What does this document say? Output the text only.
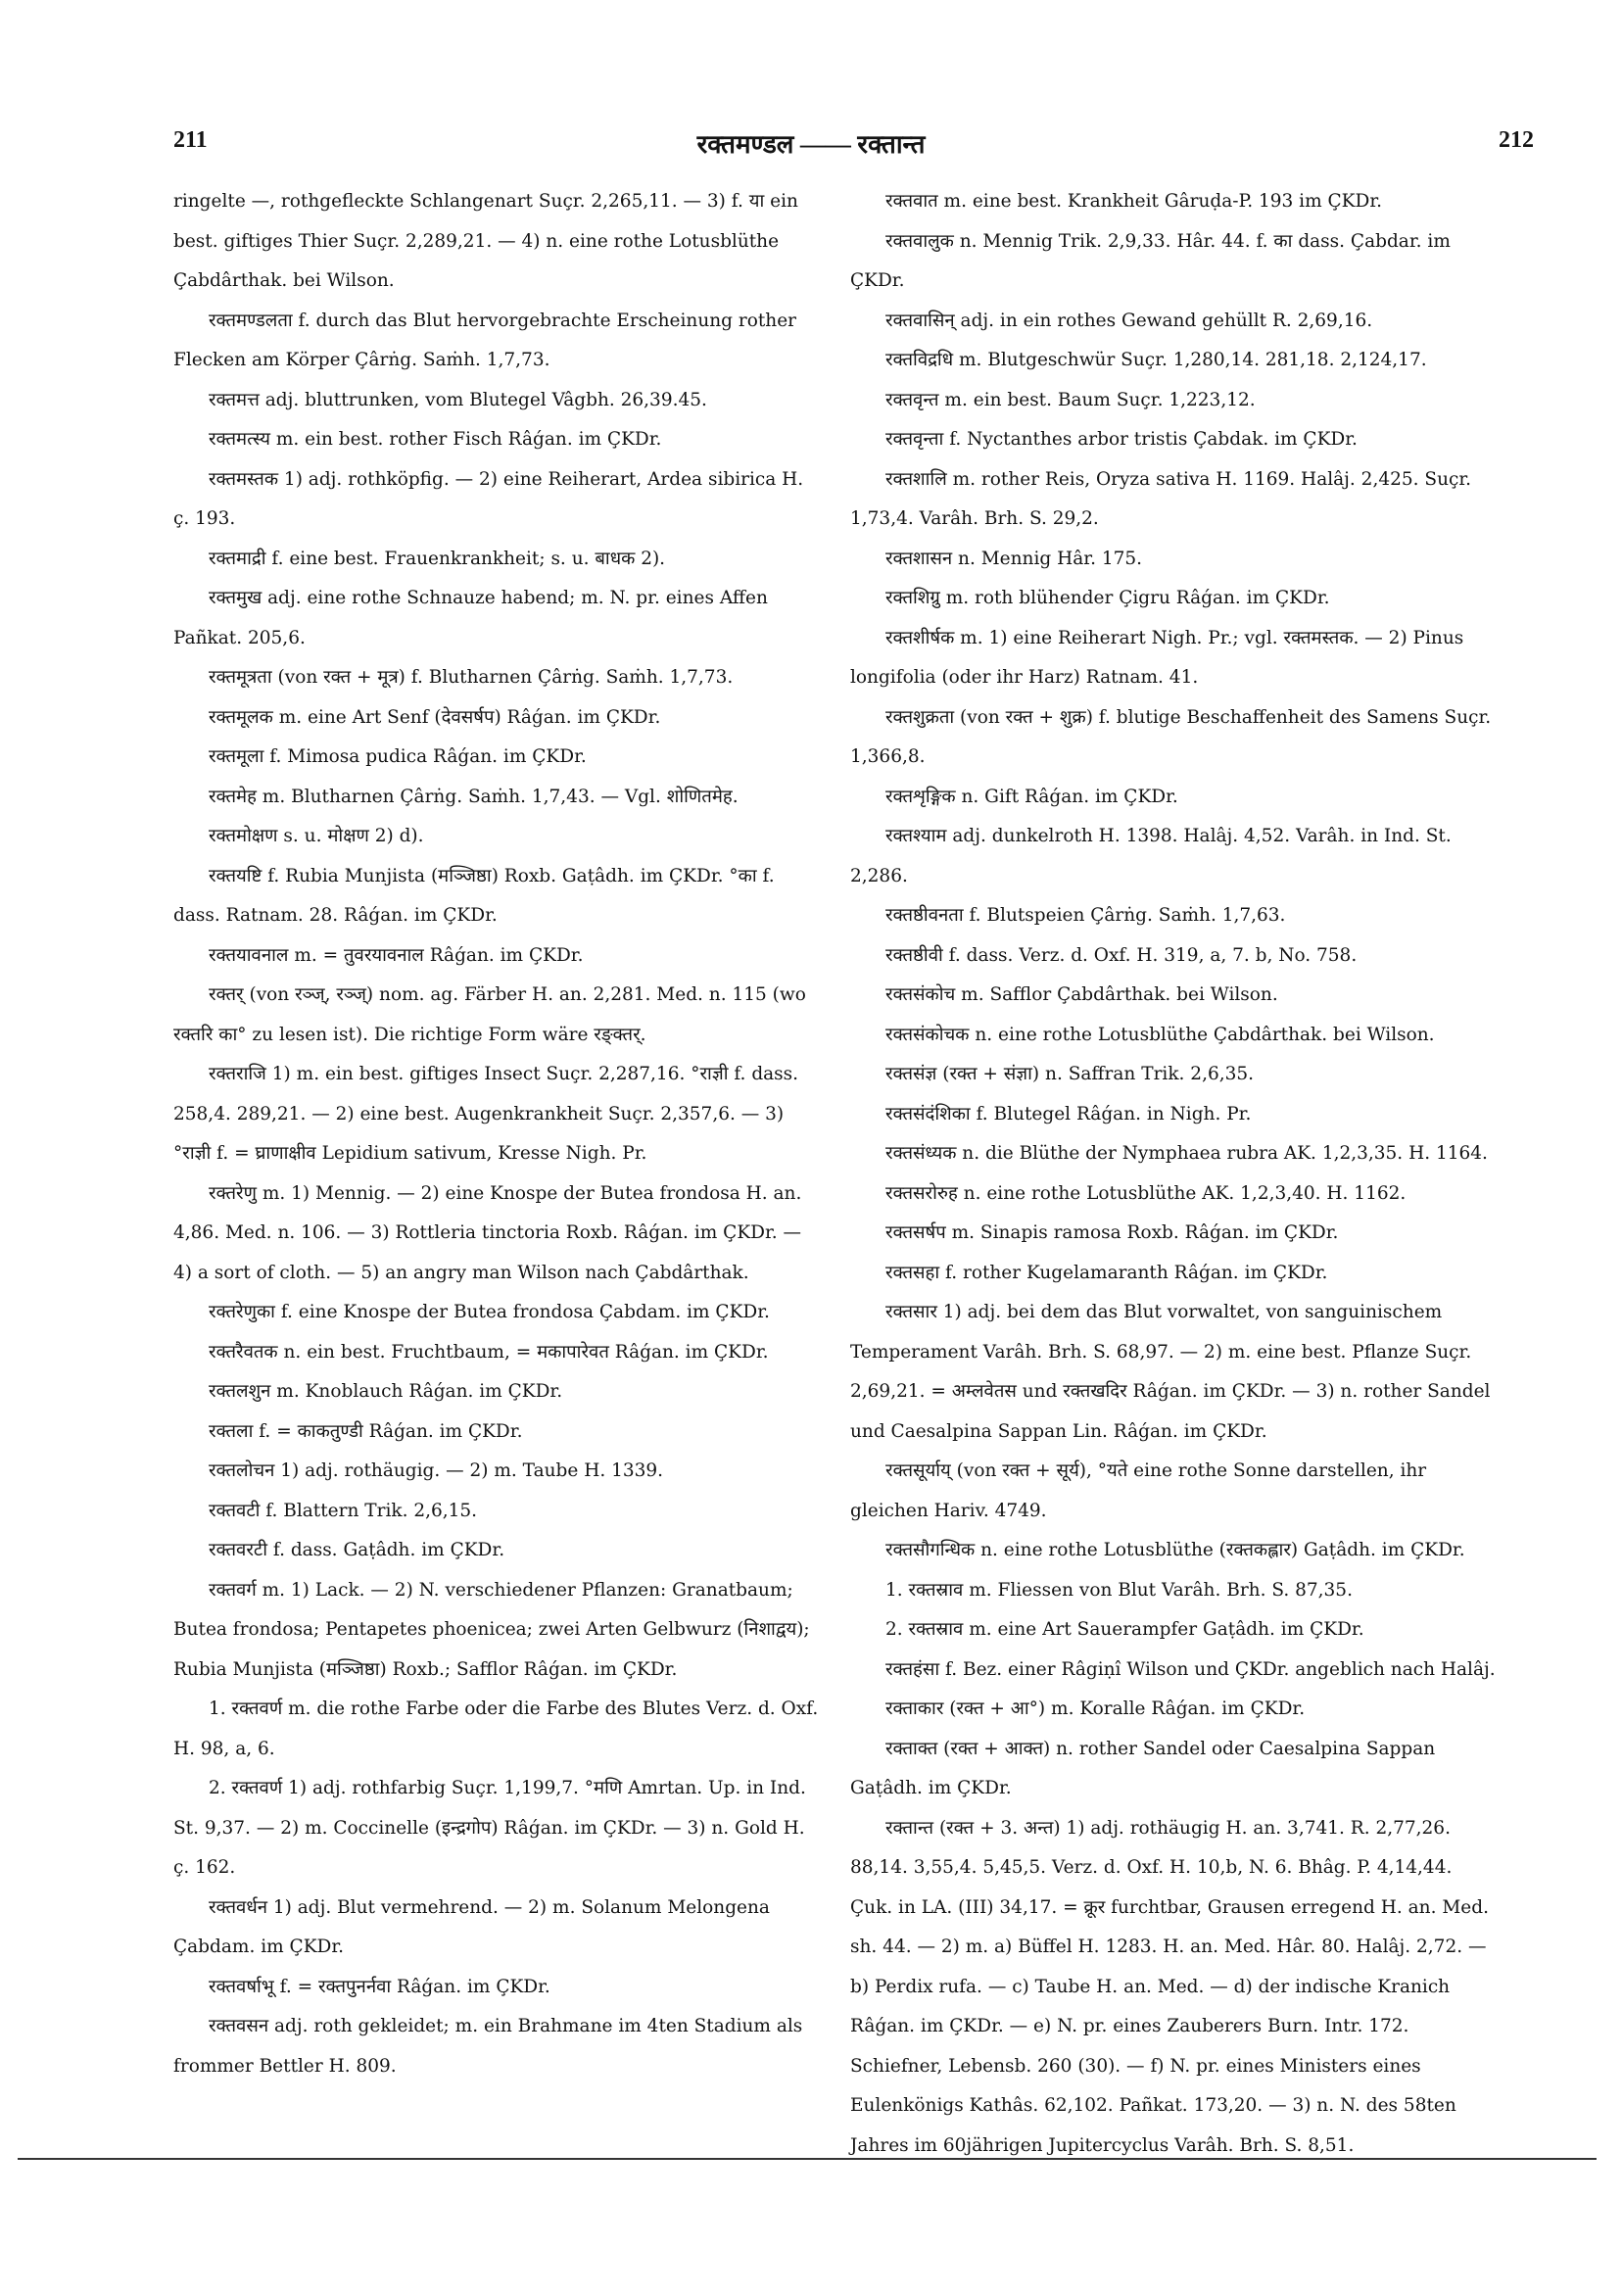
211	रक्तमण्डल —— रक्तान्त	212

ringelte —, rothgefleckte Schlangenart Suçr. 2,265,11. — 3) f. या ein best. giftiges Thier Suçr. 2,289,21. — 4) n. eine rothe Lotusblüthe Çabdârthak. bei Wilson.

रक्तमण्डलता f. durch das Blut hervorgebrachte Erscheinung rother Flecken am Körper Çârṅg. Saṁh. 1,7,73.

रक्तमत्त adj. bluttrunken, vom Blutegel Vâgbh. 26,39.45.

रक्तमत्स्य m. ein best. rother Fisch Râǵan. im ÇKDr.

रक्तमस्तक 1) adj. rothköpfig. — 2) eine Reiherart, Ardea sibirica H. ç. 193.

रक्तमाद्री f. eine best. Frauenkrankheit; s. u. बाधक 2).

रक्तमुख adj. eine rothe Schnauze habend; m. N. pr. eines Affen Pañkat. 205,6.

रक्तमूत्रता (von रक्त + मूत्र) f. Blutharnen Çârṅg. Saṁh. 1,7,73.

रक्तमूलक m. eine Art Senf (देवसर्षप) Râǵan. im ÇKDr.

रक्तमूला f. Mimosa pudica Râǵan. im ÇKDr.

रक्तमेह m. Blutharnen Çârṅg. Saṁh. 1,7,43. — Vgl. शोणितमेह.

रक्तमोक्षण s. u. मोक्षण 2) d).

रक्तयष्टि f. Rubia Munjista (मञ्जिष्ठा) Roxb. Gaṭâdh. im ÇKDr. °का f. dass. Ratnam. 28. Râǵan. im ÇKDr.

रक्तयावनाल m. = तुवरयावनाल Râǵan. im ÇKDr.

रक्तर् (von रञ्ज्, रञ्ज्) nom. ag. Färber H. an. 2,281. Med. n. 115 (wo रक्तरि का° zu lesen ist). Die richtige Form wäre रङ्क्तर्.

रक्तराजि 1) m. ein best. giftiges Insect Suçr. 2,287,16. °राज्ञी f. dass. 258,4. 289,21. — 2) eine best. Augenkrankheit Suçr. 2,357,6. — 3) °राज्ञी f. = घ्राणाक्षीव Lepidium sativum, Kresse Nigh. Pr.

रक्तरेणु m. 1) Mennig. — 2) eine Knospe der Butea frondosa H. an. 4,86. Med. n. 106. — 3) Rottleria tinctoria Roxb. Râǵan. im ÇKDr. — 4) a sort of cloth. — 5) an angry man Wilson nach Çabdârthak.

रक्तरेणुका f. eine Knospe der Butea frondosa Çabdam. im ÇKDr.

रक्तरैवतक n. ein best. Fruchtbaum, = मकापारेवत Râǵan. im ÇKDr.

रक्तलशुन m. Knoblauch Râǵan. im ÇKDr.

रक्तला f. = काकतुण्डी Râǵan. im ÇKDr.

रक्तलोचन 1) adj. rothäugig. — 2) m. Taube H. 1339.

रक्तवटी f. Blattern Trik. 2,6,15.

रक्तवरटी f. dass. Gaṭâdh. im ÇKDr.

रक्तवर्ग m. 1) Lack. — 2) N. verschiedener Pflanzen: Granatbaum; Butea frondosa; Pentapetes phoenicea; zwei Arten Gelbwurz (निशाद्वय); Rubia Munjista (मञ्जिष्ठा) Roxb.; Safflor Râǵan. im ÇKDr.

1. रक्तवर्ण m. die rothe Farbe oder die Farbe des Blutes Verz. d. Oxf. H. 98, a, 6.

2. रक्तवर्ण 1) adj. rothfarbig Suçr. 1,199,7. °मणि Amrtan. Up. in Ind. St. 9,37. — 2) m. Coccinelle (इन्द्रगोप) Râǵan. im ÇKDr. — 3) n. Gold H. ç. 162.

रक्तवर्धन 1) adj. Blut vermehrend. — 2) m. Solanum Melongena Çabdam. im ÇKDr.

रक्तवर्षाभू f. = रक्तपुनर्नवा Râǵan. im ÇKDr.

रक्तवसन adj. roth gekleidet; m. ein Brahmane im 4ten Stadium als frommer Bettler H. 809.

रक्तवात m. eine best. Krankheit Gâruḍa-P. 193 im ÇKDr.

रक्तवालुक n. Mennig Trik. 2,9,33. Hâr. 44. f. का dass. Çabdar. im ÇKDr.

रक्तवासिन् adj. in ein rothes Gewand gehüllt R. 2,69,16.

रक्तविद्रधि m. Blutgeschwür Suçr. 1,280,14. 281,18. 2,124,17.

रक्तवृन्त m. ein best. Baum Suçr. 1,223,12.

रक्तवृन्ता f. Nyctanthes arbor tristis Çabdak. im ÇKDr.

रक्तशालि m. rother Reis, Oryza sativa H. 1169. Halâj. 2,425. Suçr. 1,73,4. Varâh. Brh. S. 29,2.

रक्तशासन n. Mennig Hâr. 175.

रक्तशिग्रु m. roth blühender Çigru Râǵan. im ÇKDr.

रक्तशीर्षक m. 1) eine Reiherart Nigh. Pr.; vgl. रक्तमस्तक. — 2) Pinus longifolia (oder ihr Harz) Ratnam. 41.

रक्तशुक्रता (von रक्त + शुक्र) f. blutige Beschaffenheit des Samens Suçr. 1,366,8.

रक्तशृङ्गिक n. Gift Râǵan. im ÇKDr.

रक्तश्याम adj. dunkelroth H. 1398. Halâj. 4,52. Varâh. in Ind. St. 2,286.

रक्तष्ठीवनता f. Blutspeien Çârṅg. Saṁh. 1,7,63.

रक्तष्ठीवी f. dass. Verz. d. Oxf. H. 319, a, 7. b, No. 758.

रक्तसंकोच m. Safflor Çabdârthak. bei Wilson.

रक्तसंकोचक n. eine rothe Lotusblüthe Çabdârthak. bei Wilson.

रक्तसंज्ञ (रक्त + संज्ञा) n. Saffran Trik. 2,6,35.

रक्तसंदंशिका f. Blutegel Râǵan. in Nigh. Pr.

रक्तसंध्यक n. die Blüthe der Nymphaea rubra AK. 1,2,3,35. H. 1164.

रक्तसरोरुह n. eine rothe Lotusblüthe AK. 1,2,3,40. H. 1162.

रक्तसर्षप m. Sinapis ramosa Roxb. Râǵan. im ÇKDr.

रक्तसहा f. rother Kugelamaranth Râǵan. im ÇKDr.

रक्तसार 1) adj. bei dem das Blut vorwaltet, von sanguinischem Temperament Varâh. Brh. S. 68,97. — 2) m. eine best. Pflanze Suçr. 2,69,21. = अम्लवेतस und रक्तखदिर Râǵan. im ÇKDr. — 3) n. rother Sandel und Caesalpina Sappan Lin. Râǵan. im ÇKDr.

रक्तसूर्याय् (von रक्त + सूर्य), °यते eine rothe Sonne darstellen, ihr gleichen Hariv. 4749.

रक्तसौगन्धिक n. eine rothe Lotusblüthe (रक्तकह्लार) Gaṭâdh. im ÇKDr.

1. रक्तस्राव m. Fliessen von Blut Varâh. Brh. S. 87,35.

2. रक्तस्राव m. eine Art Sauerampfer Gaṭâdh. im ÇKDr.

रक्तहंसा f. Bez. einer Râgiṇî Wilson und ÇKDr. angeblich nach Halâj.

रक्ताकार (रक्त + आ°) m. Koralle Râǵan. im ÇKDr.

रक्ताक्त (रक्त + आक्त) n. rother Sandel oder Caesalpina Sappan Gaṭâdh. im ÇKDr.

रक्तान्त (रक्त + 3. अन्त) 1) adj. rothäugig H. an. 3,741. R. 2,77,26. 88,14. 3,55,4. 5,45,5. Verz. d. Oxf. H. 10,b, N. 6. Bhâg. P. 4,14,44. Çuk. in LA. (III) 34,17. = क्रूर furchtbar, Grausen erregend H. an. Med. sh. 44. — 2) m. a) Büffel H. 1283. H. an. Med. Hâr. 80. Halâj. 2,72. — b) Perdix rufa. — c) Taube H. an. Med. — d) der indische Kranich Râǵan. im ÇKDr. — e) N. pr. eines Zauberers Burn. Intr. 172. Schiefner, Lebensb. 260 (30). — f) N. pr. eines Ministers eines Eulenkönigs Kathâs. 62,102. Pañkat. 173,20. — 3) n. N. des 58ten Jahres im 60jährigen Jupitercyclus Varâh. Brh. S. 8,51.
